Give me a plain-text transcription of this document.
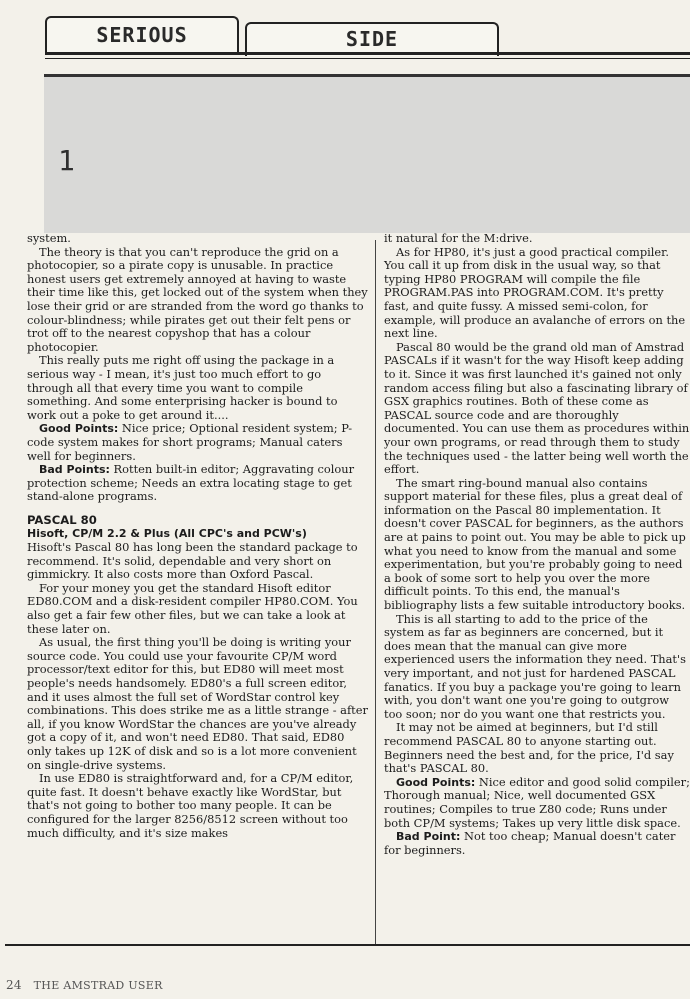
SERIOUS	SIDE

1

system.

The theory is that you can't reproduce the grid on a photocopier, so a pirate copy is unusable. In practice honest users get extremely annoyed at having to waste their time like this, get locked out of the system when they lose their grid or are stranded from the word go thanks to colour-blindness; while pirates get out their felt pens or trot off to the nearest copyshop that has a colour photocopier.

This really puts me right off using the package in a serious way - I mean, it's just too much effort to go through all that every time you want to compile something. And some enterprising hacker is bound to work out a poke to get around it....

Good Points: Nice price; Optional resident system; P-code system makes for short programs; Manual caters well for beginners.

Bad Points: Rotten built-in editor; Aggravating colour protection scheme; Needs an extra locating stage to get stand-alone programs.

PASCAL 80

Hisoft, CP/M 2.2 & Plus (All CPC's and PCW's)

Hisoft's Pascal 80 has long been the standard package to recommend. It's solid, dependable and very short on gimmickry. It also costs more than Oxford Pascal.

For your money you get the standard Hisoft editor ED80.COM and a disk-resident compiler HP80.COM. You also get a fair few other files, but we can take a look at these later on.

As usual, the first thing you'll be doing is writing your source code. You could use your favourite CP/M word processor/text editor for this, but ED80 will meet most people's needs handsomely. ED80's a full screen editor, and it uses almost the full set of WordStar control key combinations. This does strike me as a little strange - after all, if you know WordStar the chances are you've already got a copy of it, and won't need ED80. That said, ED80 only takes up 12K of disk and so is a lot more convenient on single-drive systems.

In use ED80 is straightforward and, for a CP/M editor, quite fast. It doesn't behave exactly like WordStar, but that's not going to bother too many people. It can be configured for the larger 8256/8512 screen without too much difficulty, and it's size makes

it natural for the M:drive.

As for HP80, it's just a good practical compiler. You call it up from disk in the usual way, so that typing HP80 PROGRAM will compile the file PROGRAM.PAS into PROGRAM.COM. It's pretty fast, and quite fussy. A missed semi-colon, for example, will produce an avalanche of errors on the next line.

Pascal 80 would be the grand old man of Amstrad PASCALs if it wasn't for the way Hisoft keep adding to it. Since it was first launched it's gained not only random access filing but also a fascinating library of GSX graphics routines. Both of these come as PASCAL source code and are thoroughly documented. You can use them as procedures within your own programs, or read through them to study the techniques used - the latter being well worth the effort.

The smart ring-bound manual also contains support material for these files, plus a great deal of information on the Pascal 80 implementation. It doesn't cover PASCAL for beginners, as the authors are at pains to point out. You may be able to pick up what you need to know from the manual and some experimentation, but you're probably going to need a book of some sort to help you over the more difficult points. To this end, the manual's bibliography lists a few suitable introductory books.

This is all starting to add to the price of the system as far as beginners are concerned, but it does mean that the manual can give more experienced users the information they need. That's very important, and not just for hardened PASCAL fanatics. If you buy a package you're going to learn with, you don't want one you're going to outgrow too soon; nor do you want one that restricts you.

It may not be aimed at beginners, but I'd still recommend PASCAL 80 to anyone starting out. Beginners need the best and, for the price, I'd say that's PASCAL 80.

Good Points: Nice editor and good solid compiler; Thorough manual; Nice, well documented GSX routines; Compiles to true Z80 code; Runs under both CP/M systems; Takes up very little disk space.

Bad Point: Not too cheap; Manual doesn't cater for beginners.

24 THE AMSTRAD USER
